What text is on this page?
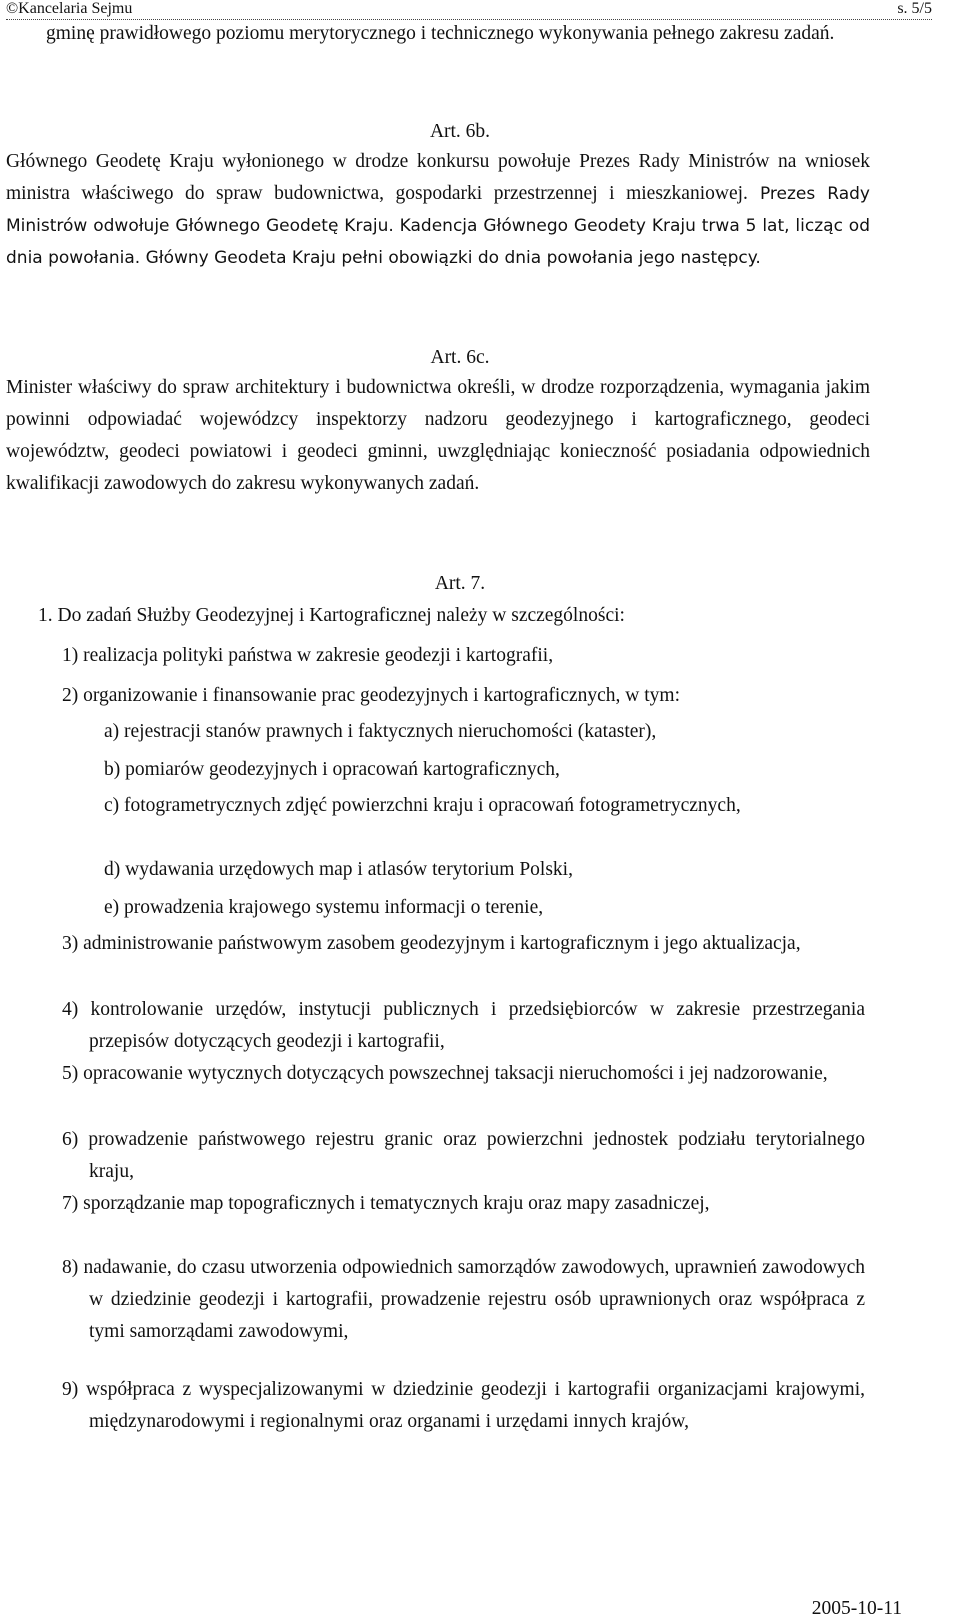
©Kancelaria Sejmu	s. 5/5
gminę prawidłowego poziomu merytorycznego i technicznego wykonywania pełnego zakresu zadań.
Art. 6b.
Głównego Geodetę Kraju wyłonionego w drodze konkursu powołuje Prezes Rady Ministrów na wniosek ministra właściwego do spraw budownictwa, gospodarki przestrzennej i mieszkaniowej. Prezes Rady Ministrów odwołuje Głównego Geodetę Kraju. Kadencja Głównego Geodety Kraju trwa 5 lat, licząc od dnia powołania. Główny Geodeta Kraju pełni obowiązki do dnia powołania jego następcy.
Art. 6c.
Minister właściwy do spraw architektury i budownictwa określi, w drodze rozporządzenia, wymagania jakim powinni odpowiadać wojewódzcy inspektorzy nadzoru geodezyjnego i kartograficznego, geodeci województw, geodeci powiatowi i geodeci gminni, uwzględniając konieczność posiadania odpowiednich kwalifikacji zawodowych do zakresu wykonywanych zadań.
Art. 7.
1. Do zadań Służby Geodezyjnej i Kartograficznej należy w szczególności:
1) realizacja polityki państwa w zakresie geodezji i kartografii,
2) organizowanie i finansowanie prac geodezyjnych i kartograficznych, w tym:
a) rejestracji stanów prawnych i faktycznych nieruchomości (kataster),
b) pomiarów geodezyjnych i opracowań kartograficznych,
c) fotogrametrycznych zdjęć powierzchni kraju i opracowań fotogrametrycznych,
d) wydawania urzędowych map i atlasów terytorium Polski,
e) prowadzenia krajowego systemu informacji o terenie,
3) administrowanie państwowym zasobem geodezyjnym i kartograficznym i jego aktualizacja,
4) kontrolowanie urzędów, instytucji publicznych i przedsiębiorców w zakresie przestrzegania przepisów dotyczących geodezji i kartografii,
5) opracowanie wytycznych dotyczących powszechnej taksacji nieruchomości i jej nadzorowanie,
6) prowadzenie państwowego rejestru granic oraz powierzchni jednostek podziału terytorialnego kraju,
7) sporządzanie map topograficznych i tematycznych kraju oraz mapy zasadniczej,
8) nadawanie, do czasu utworzenia odpowiednich samorządów zawodowych, uprawnień zawodowych w dziedzinie geodezji i kartografii, prowadzenie rejestru osób uprawnionych oraz współpraca z tymi samorządami zawodowymi,
9) współpraca z wyspecjalizowanymi w dziedzinie geodezji i kartografii organizacjami krajowymi, międzynarodowymi i regionalnymi oraz organami i urzędami innych krajów,
2005-10-11
